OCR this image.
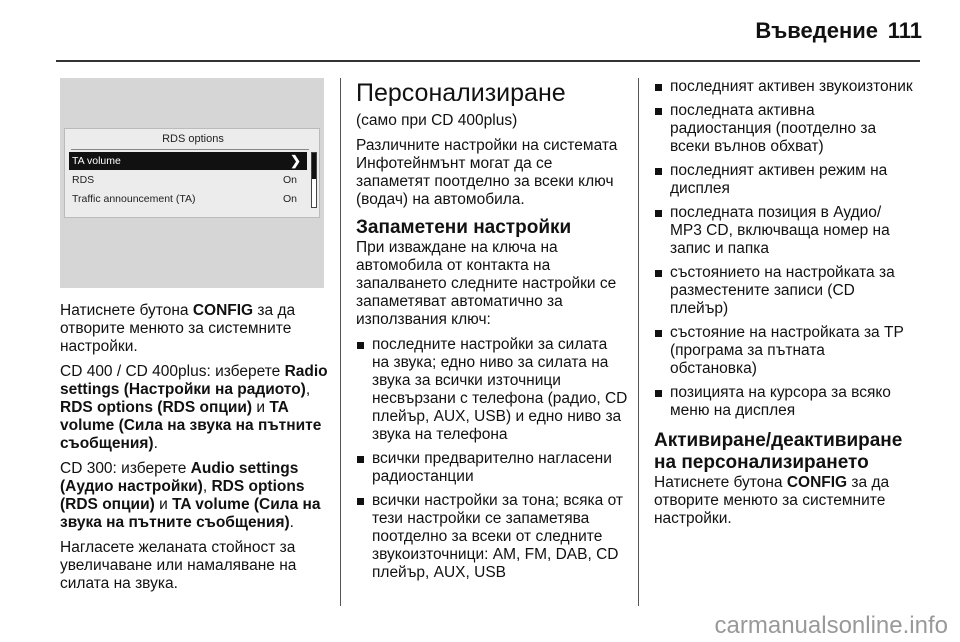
Въведение 111
RDS options
TA volume	❯
RDS	On
Traffic announcement (TA)	On

Натиснете бутона CONFIG за да отворите менюто за системните настройки.

CD 400 / CD 400plus: изберете Radio settings (Настройки на радиото), RDS options (RDS опции) и TA volume (Сила на звука на пътните съобщения).

CD 300: изберете Audio settings (Аудио настройки), RDS options (RDS опции) и TA volume (Сила на звука на пътните съобщения).

Нагласете желаната стойност за увеличаване или намаляване на силата на звука.

Персонализиране

(само при CD 400plus)

Различните настройки на системата Инфотейнмънт могат да се запаметят поотделно за всеки ключ (водач) на автомобила.

Запаметени настройки

При изваждане на ключа на автомобила от контакта на запалването следните настройки се запаметяват автоматично за използвания ключ:

последните настройки за силата на звука; едно ниво за силата на звука за всички източници несвързани с телефона (радио, CD плейър, AUX, USB) и едно ниво за звука на телефона
всички предварително нагласени радиостанции
всички настройки за тона; всяка от тези настройки се запаметява поотделно за всеки от следните звукоизточници: AM, FM, DAB, CD плейър, AUX, USB
последният активен звукоизтоник
последната активна радиостанция (поотделно за всеки вълнов обхват)
последният активен режим на дисплея
последната позиция в Аудио/ MP3 CD, включваща номер на запис и папка
състоянието на настройката за разместените записи (CD плейър)
състояние на настройката за TP (програма за пътната обстановка)
позицията на курсора за всяко меню на дисплея
Активиране/деактивиране на персонализирането

Натиснете бутона CONFIG за да отворите менюто за системните настройки.

carmanualsonline.info
